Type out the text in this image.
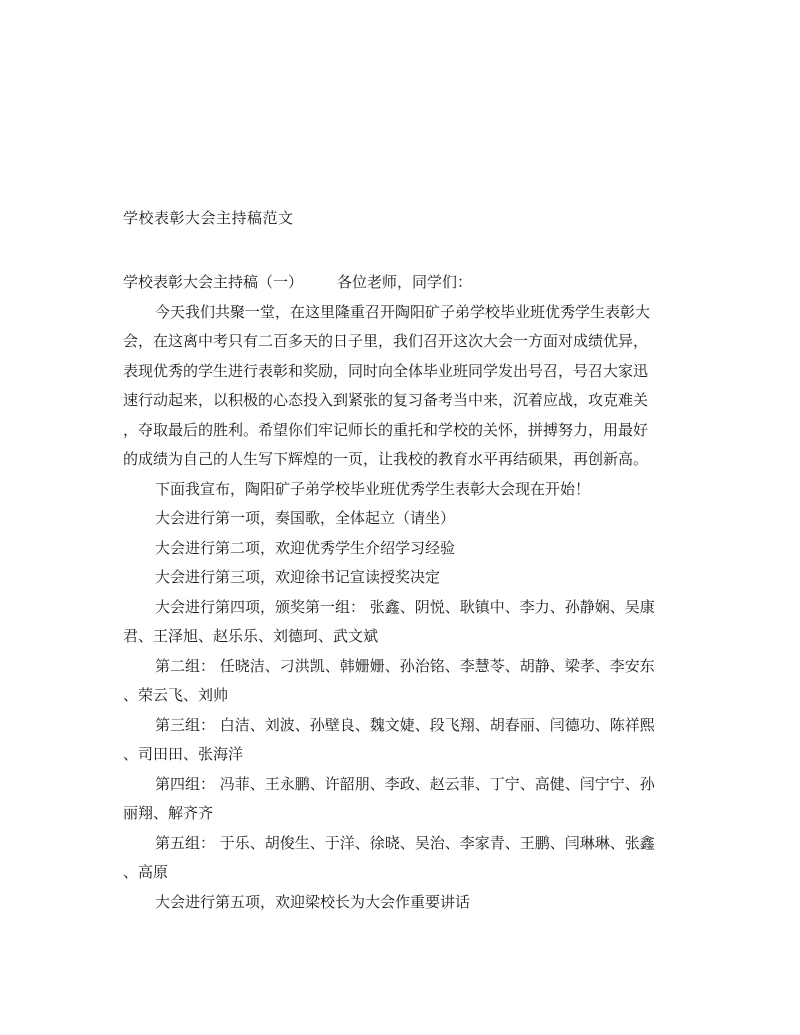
学校表彰大会主持稿范文
学校表彰大会主持稿（一） 各位老师，同学们：
今天我们共聚一堂，在这里隆重召开陶阳矿子弟学校毕业班优秀学生表彰大
会，在这离中考只有二百多天的日子里，我们召开这次大会一方面对成绩优异，
表现优秀的学生进行表彰和奖励，同时向全体毕业班同学发出号召，号召大家迅
速行动起来，以积极的心态投入到紧张的复习备考当中来，沉着应战，攻克难关
，夺取最后的胜利。希望你们牢记师长的重托和学校的关怀，拼搏努力，用最好
的成绩为自己的人生写下辉煌的一页，让我校的教育水平再结硕果，再创新高。
下面我宣布，陶阳矿子弟学校毕业班优秀学生表彰大会现在开始！
大会进行第一项，奏国歌，全体起立（请坐）
大会进行第二项，欢迎优秀学生介绍学习经验
大会进行第三项，欢迎徐书记宣读授奖决定
大会进行第四项，颁奖第一组： 张鑫、阴悦、耿镇中、李力、孙静娴、吴康
君、王泽旭、赵乐乐、刘德珂、武文斌
第二组： 任晓洁、刁洪凯、韩姗姗、孙治铭、李慧苓、胡静、梁孝、李安东
、荣云飞、刘帅
第三组： 白洁、刘波、孙壁良、魏文婕、段飞翔、胡春丽、闫德功、陈祥熙
、司田田、张海洋
第四组： 冯菲、王永鹏、许韶朋、李政、赵云菲、丁宁、高健、闫宁宁、孙
丽翔、解齐齐
第五组： 于乐、胡俊生、于洋、徐晓、吴治、李家青、王鹏、闫琳琳、张鑫
、高原
大会进行第五项，欢迎梁校长为大会作重要讲话
